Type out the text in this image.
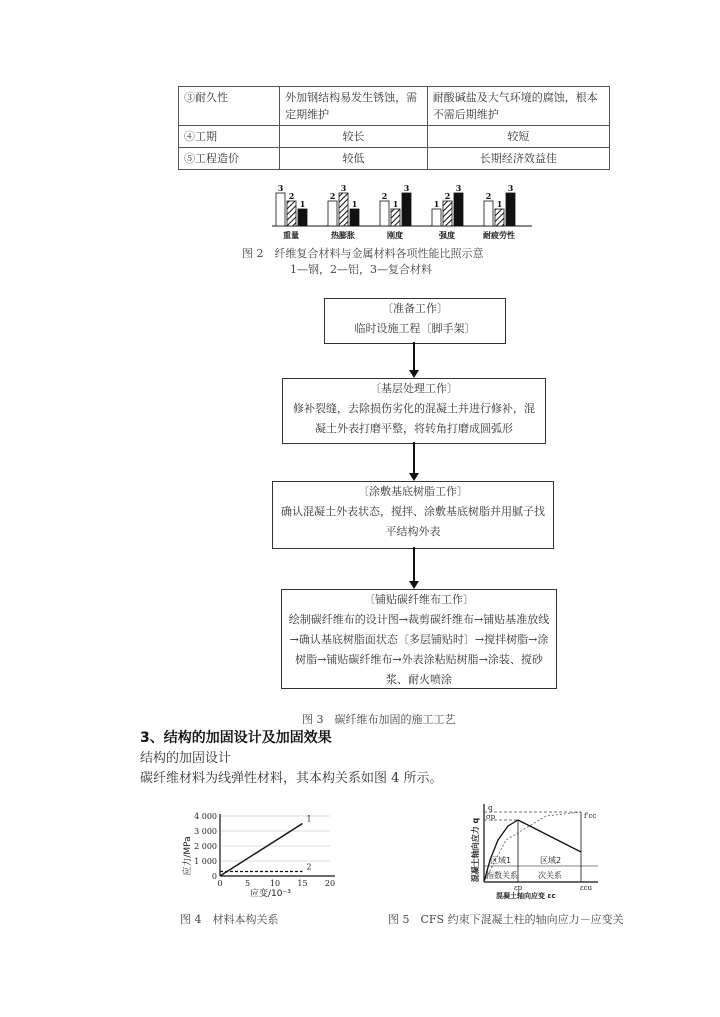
③耐久性	外加钢结构易发生锈蚀，需定期维护	耐酸碱盐及大气环境的腐蚀，根本不需后期维护
④工期	较长	较短
⑤工程造价	较低	长期经济效益佳
3
2
1
重量
2
3
1
热膨胀
2
1
3
刚度
1
2
3
强度
2
1
3
耐疲劳性
图 2　纤维复合材料与金属材料各项性能比照示意
1—钢，2—铝，3—复合材料
〔准备工作〕
临时设施工程〔脚手架〕
〔基层处理工作〕
修补裂缝，去除损伤劣化的混凝土并进行修补，混凝土外表打磨平整，将转角打磨成圆弧形
〔涂敷基底树脂工作〕
确认混凝土外表状态，搅拌、涂敷基底树脂并用腻子找平结构外表
〔铺贴碳纤维布工作〕
绘制碳纤维布的设计图→裁剪碳纤维布→铺贴基准放线→确认基底树脂面状态〔多层铺贴时〕→搅拌树脂→涂树脂→铺贴碳纤维布→外表涂粘贴树脂→涂装、搅砂浆、耐火喷涂
图 3　碳纤维布加固的施工工艺
3、结构的加固设计及加固效果
结构的加固设计
碳纤维材料为线弹性材料，其本构关系如图 4 所示。
应力/MPa
4 000
3 000
2 000
1 000
0
0	5 10 15 20
1
2
应变/10⁻³
图 4　材料本构关系
混凝土轴向应力 q
q
σp	f'cc
区域1	区域2
指数关系	次关系
εp	εcu
混凝土轴向应变 εc
图 5　CFS 约束下混凝土柱的轴向应力－应变关
